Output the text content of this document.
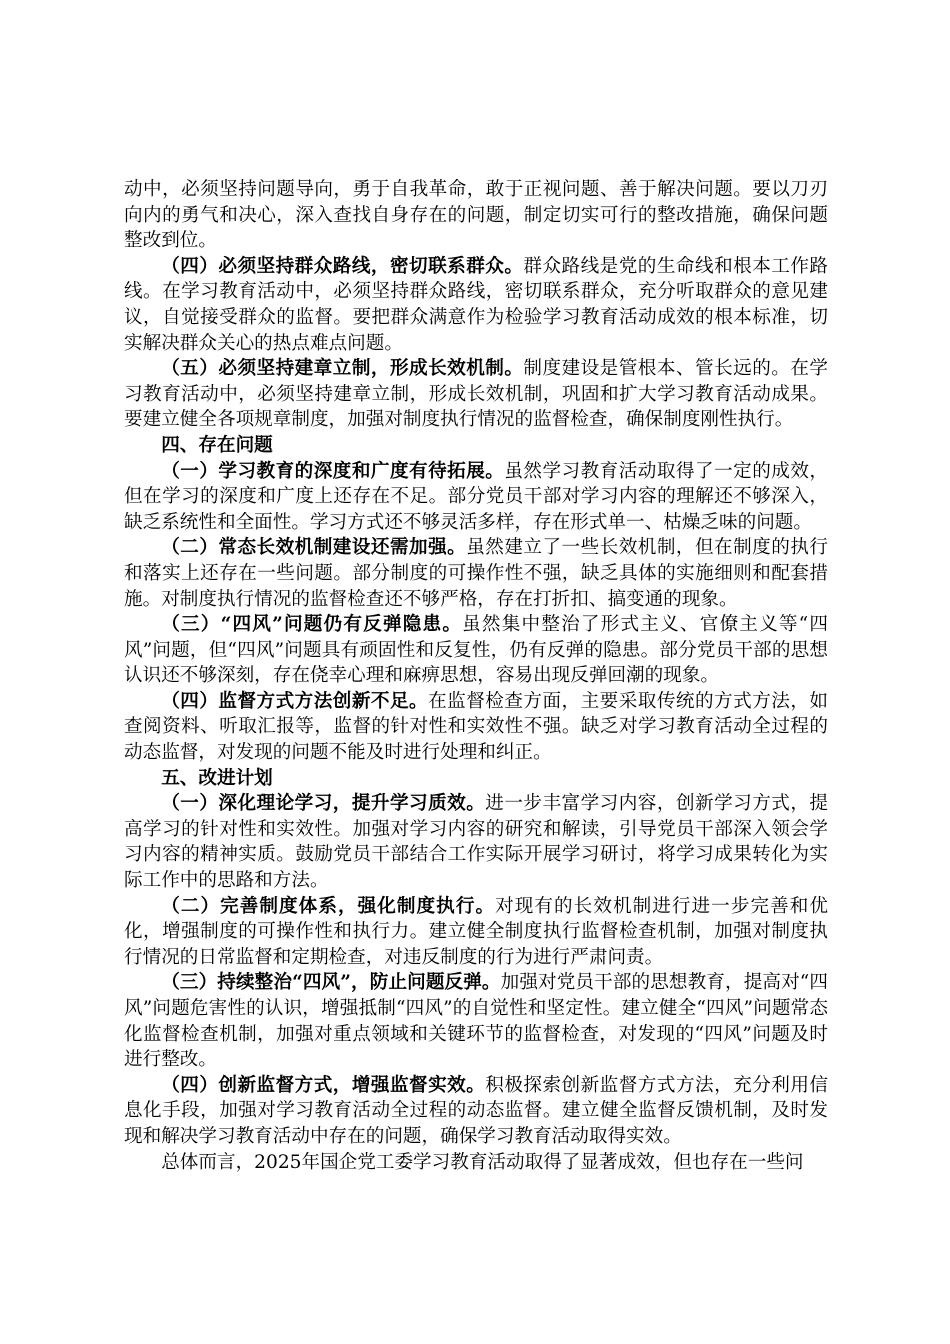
动中，必须坚持问题导向，勇于自我革命，敢于正视问题、善于解决问题。要以刀刃向内的勇气和决心，深入查找自身存在的问题，制定切实可行的整改措施，确保问题整改到位。

（四）必须坚持群众路线，密切联系群众。群众路线是党的生命线和根本工作路线。在学习教育活动中，必须坚持群众路线，密切联系群众，充分听取群众的意见建议，自觉接受群众的监督。要把群众满意作为检验学习教育活动成效的根本标准，切实解决群众关心的热点难点问题。

（五）必须坚持建章立制，形成长效机制。制度建设是管根本、管长远的。在学习教育活动中，必须坚持建章立制，形成长效机制，巩固和扩大学习教育活动成果。要建立健全各项规章制度，加强对制度执行情况的监督检查，确保制度刚性执行。

四、存在问题

（一）学习教育的深度和广度有待拓展。虽然学习教育活动取得了一定的成效，但在学习的深度和广度上还存在不足。部分党员干部对学习内容的理解还不够深入，缺乏系统性和全面性。学习方式还不够灵活多样，存在形式单一、枯燥乏味的问题。

（二）常态长效机制建设还需加强。虽然建立了一些长效机制，但在制度的执行和落实上还存在一些问题。部分制度的可操作性不强，缺乏具体的实施细则和配套措施。对制度执行情况的监督检查还不够严格，存在打折扣、搞变通的现象。

（三）“四风”问题仍有反弹隐患。虽然集中整治了形式主义、官僚主义等“四风”问题，但“四风”问题具有顽固性和反复性，仍有反弹的隐患。部分党员干部的思想认识还不够深刻，存在侥幸心理和麻痹思想，容易出现反弹回潮的现象。

（四）监督方式方法创新不足。在监督检查方面，主要采取传统的方式方法，如查阅资料、听取汇报等，监督的针对性和实效性不强。缺乏对学习教育活动全过程的动态监督，对发现的问题不能及时进行处理和纠正。

五、改进计划

（一）深化理论学习，提升学习质效。进一步丰富学习内容，创新学习方式，提高学习的针对性和实效性。加强对学习内容的研究和解读，引导党员干部深入领会学习内容的精神实质。鼓励党员干部结合工作实际开展学习研讨，将学习成果转化为实际工作中的思路和方法。

（二）完善制度体系，强化制度执行。对现有的长效机制进行进一步完善和优化，增强制度的可操作性和执行力。建立健全制度执行监督检查机制，加强对制度执行情况的日常监督和定期检查，对违反制度的行为进行严肃问责。

（三）持续整治“四风”，防止问题反弹。加强对党员干部的思想教育，提高对“四风”问题危害性的认识，增强抵制“四风”的自觉性和坚定性。建立健全“四风”问题常态化监督检查机制，加强对重点领域和关键环节的监督检查，对发现的“四风”问题及时进行整改。

（四）创新监督方式，增强监督实效。积极探索创新监督方式方法，充分利用信息化手段，加强对学习教育活动全过程的动态监督。建立健全监督反馈机制，及时发现和解决学习教育活动中存在的问题，确保学习教育活动取得实效。

总体而言，2025年国企党工委学习教育活动取得了显著成效，但也存在一些问
